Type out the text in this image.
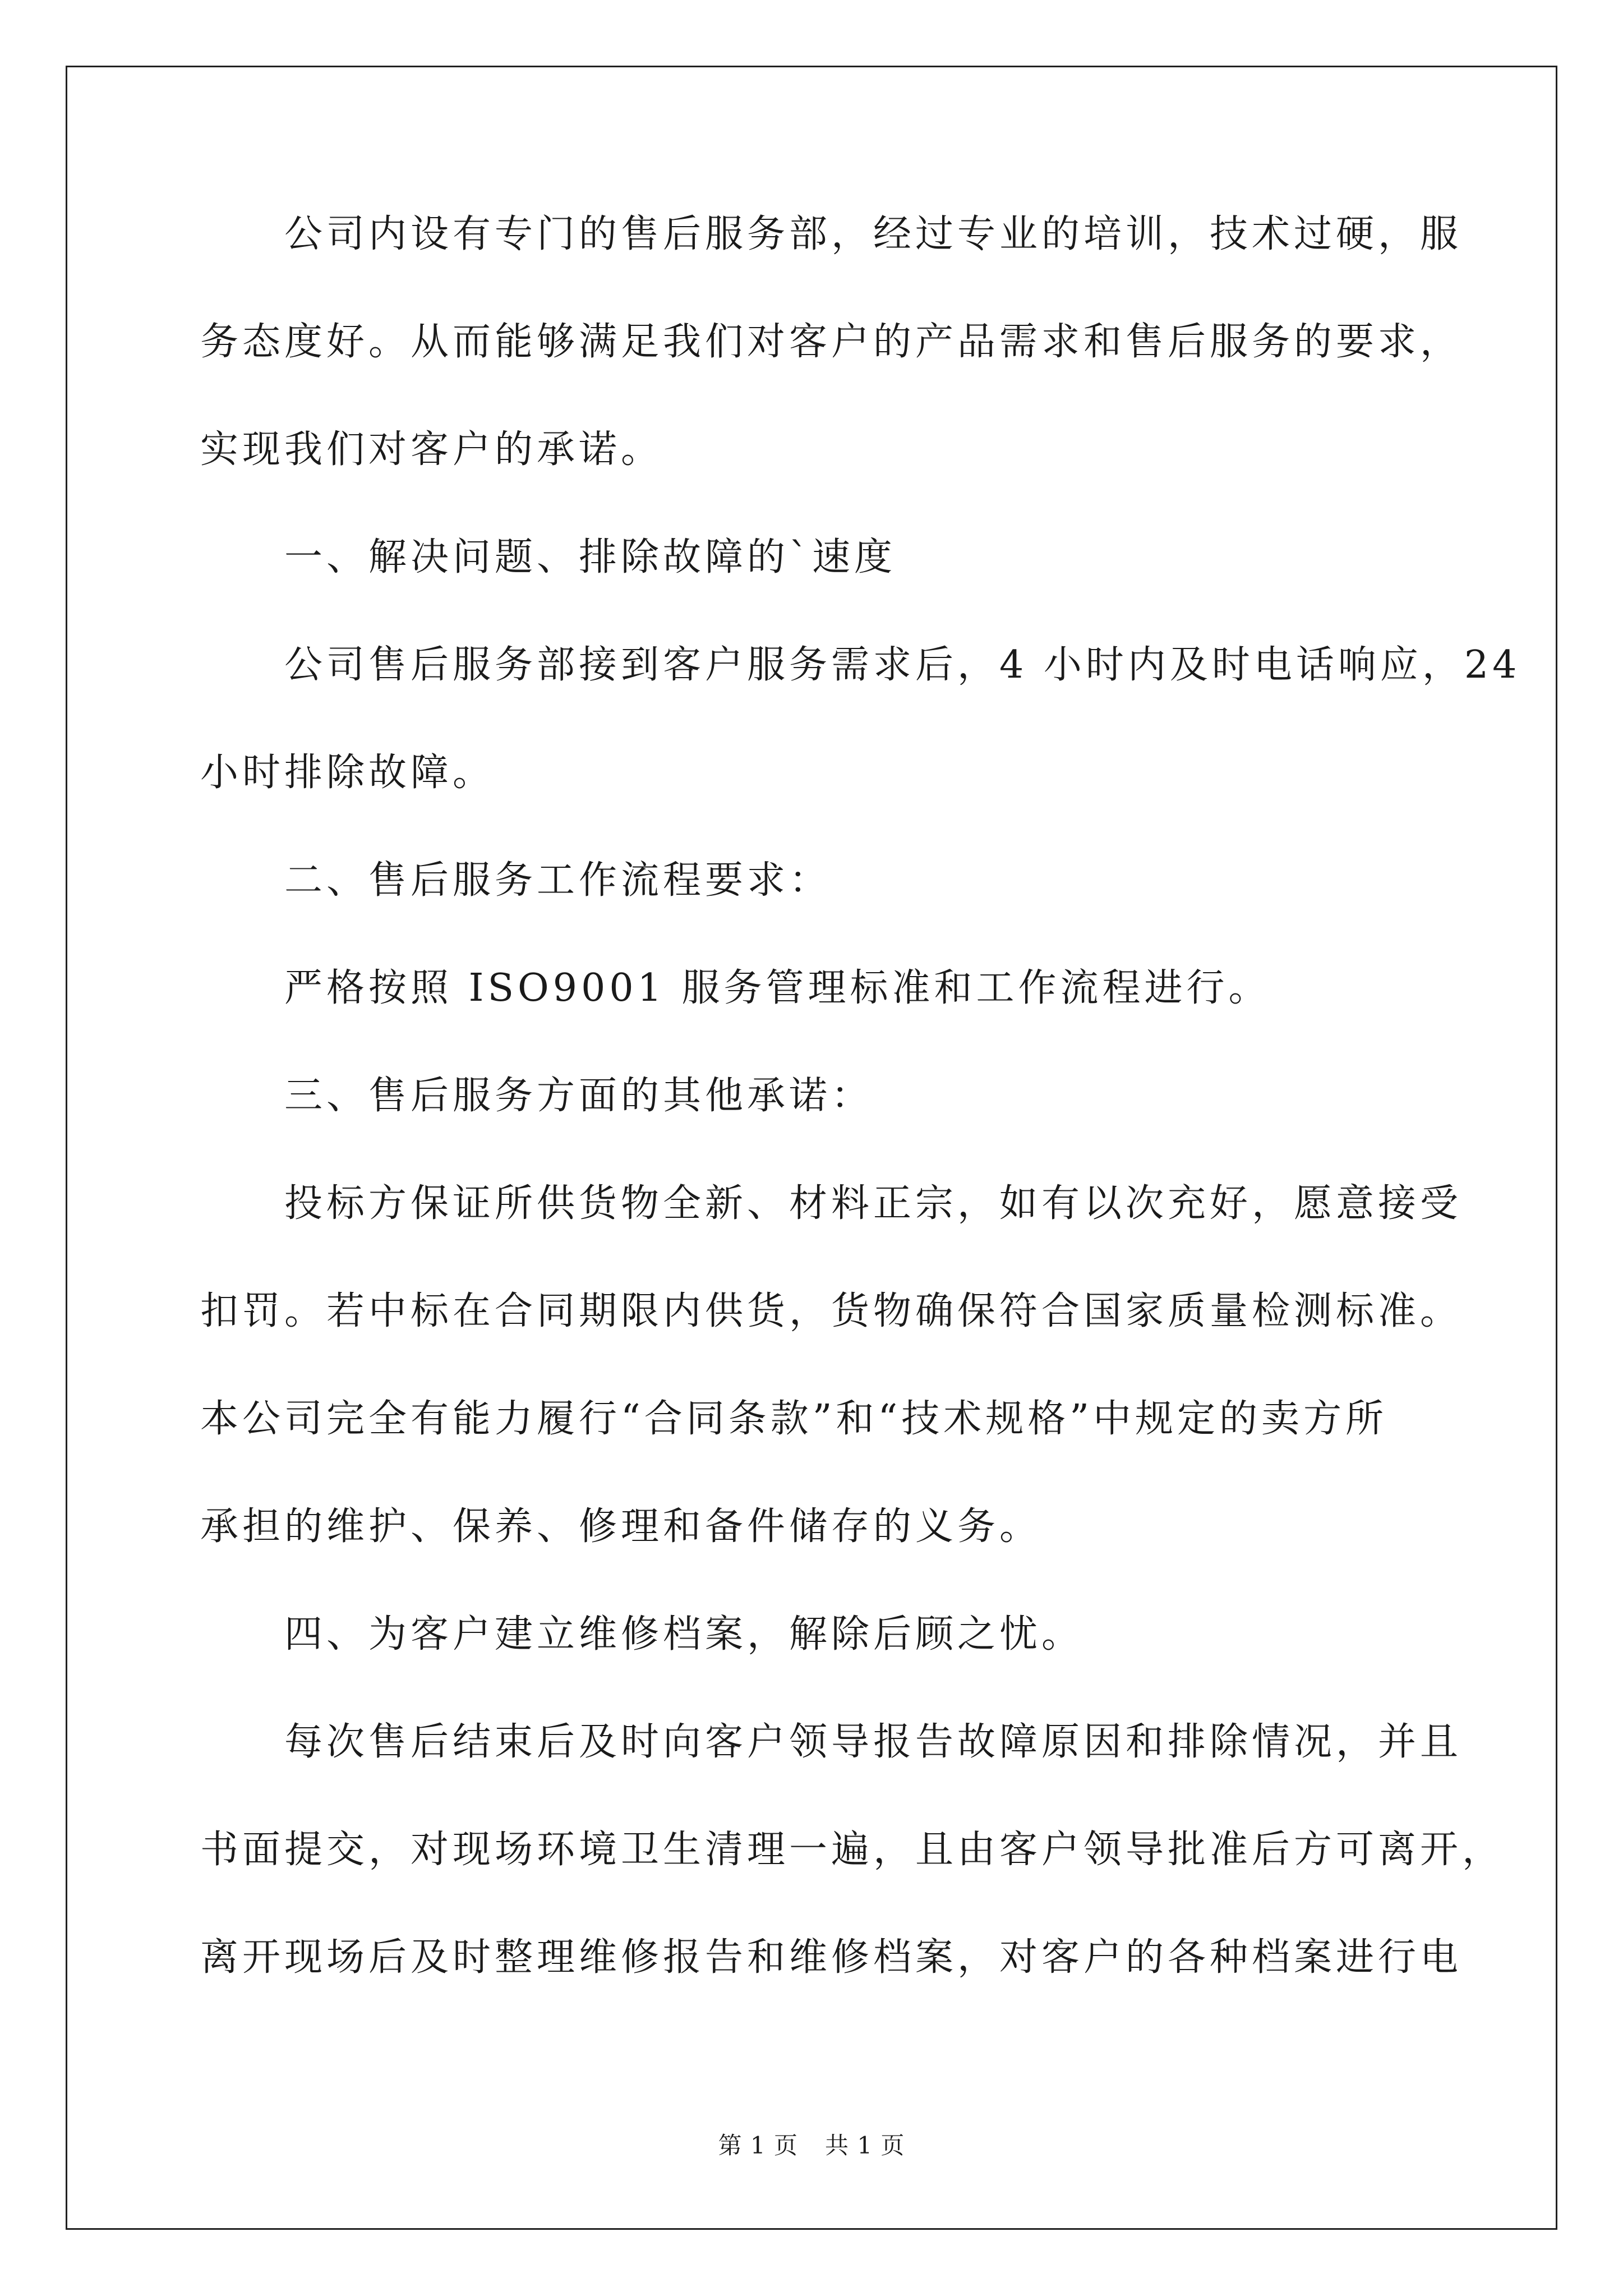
　　公司内设有专门的售后服务部，经过专业的培训，技术过硬，服
务态度好。从而能够满足我们对客户的产品需求和售后服务的要求，
实现我们对客户的承诺。
　　一、解决问题、排除故障的`速度
　　公司售后服务部接到客户服务需求后，4 小时内及时电话响应，24
小时排除故障。
　　二、售后服务工作流程要求：
　　严格按照 ISO9001 服务管理标准和工作流程进行。
　　三、售后服务方面的其他承诺：
　　投标方保证所供货物全新、材料正宗，如有以次充好，愿意接受
扣罚。若中标在合同期限内供货，货物确保符合国家质量检测标准。
本公司完全有能力履行“合同条款”和“技术规格”中规定的卖方所
承担的维护、保养、修理和备件储存的义务。
　　四、为客户建立维修档案，解除后顾之忧。
　　每次售后结束后及时向客户领导报告故障原因和排除情况，并且
书面提交，对现场环境卫生清理一遍，且由客户领导批准后方可离开，
离开现场后及时整理维修报告和维修档案，对客户的各种档案进行电
第 1 页 共 1 页
